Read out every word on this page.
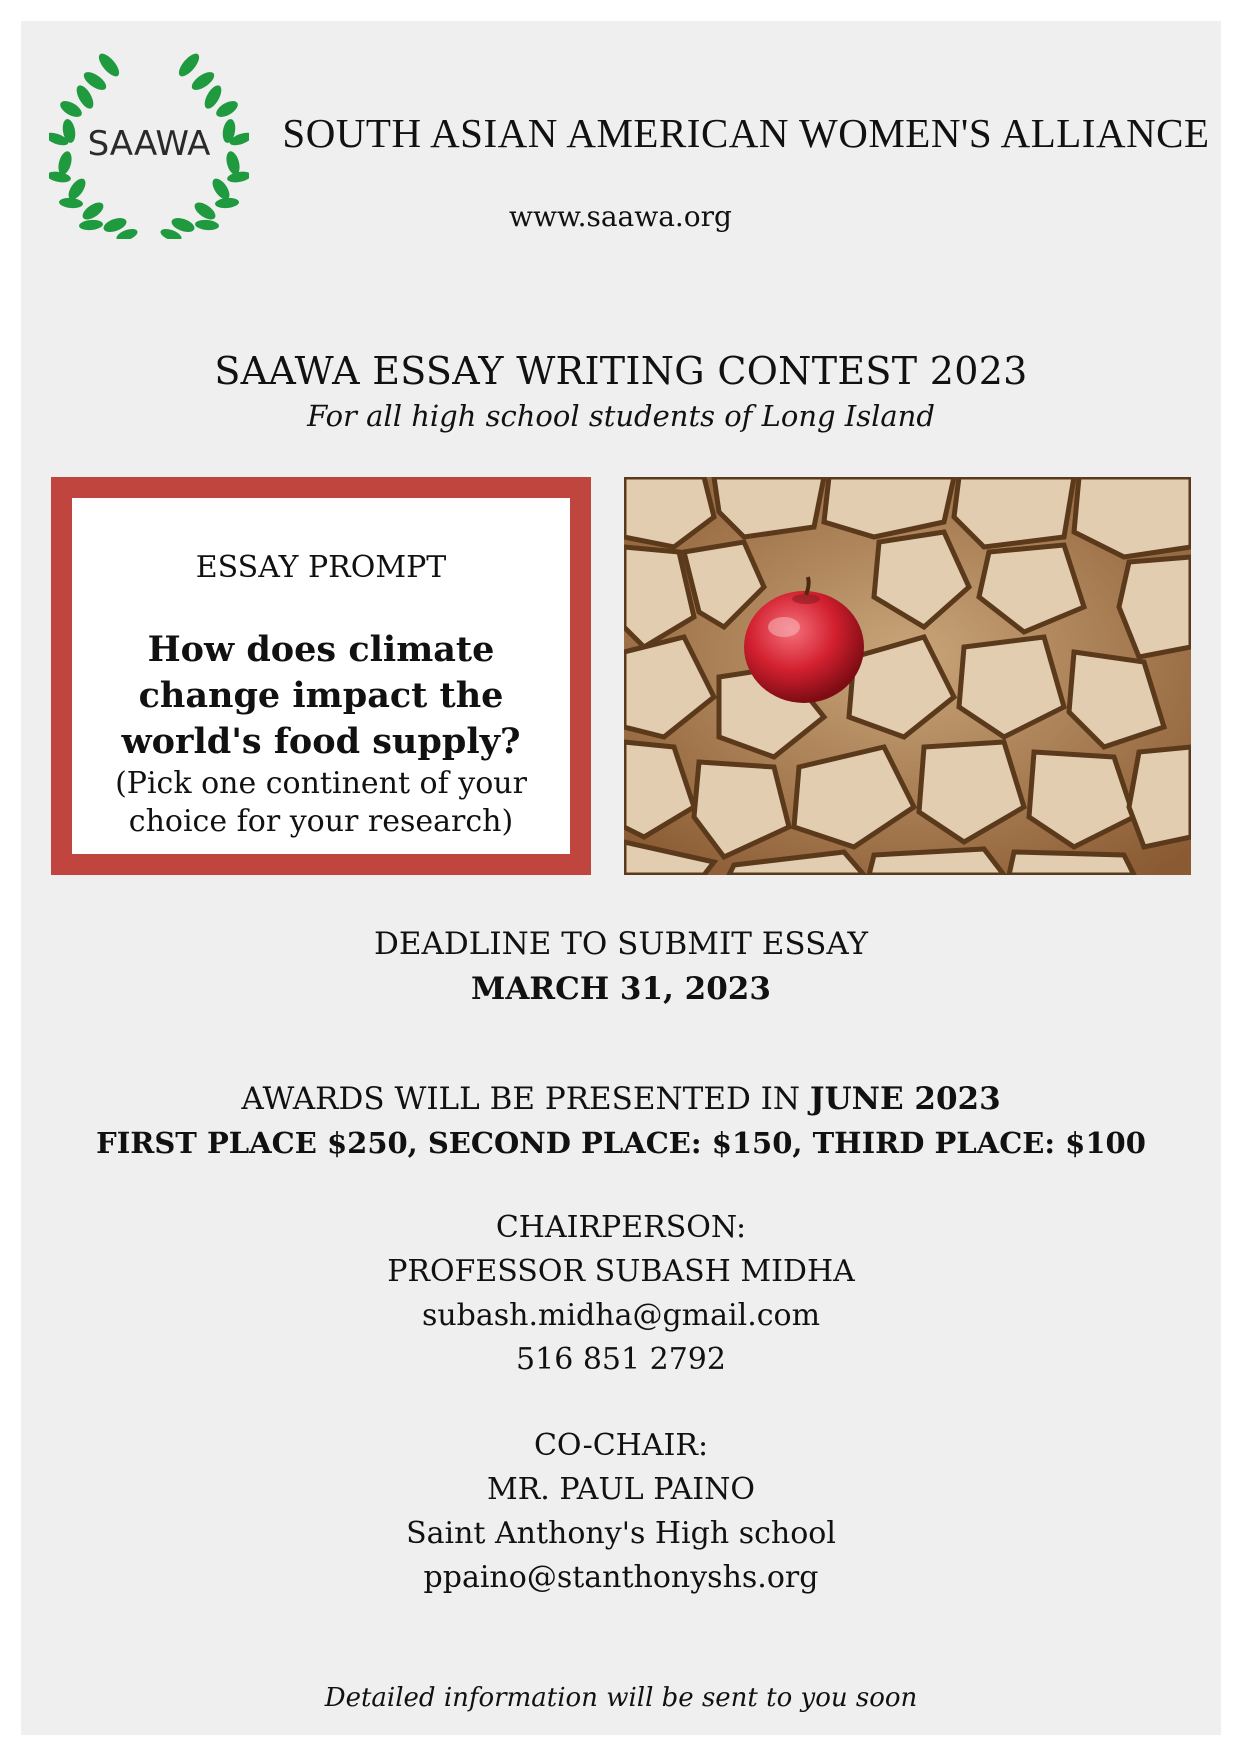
SAAWA SOUTH ASIAN AMERICAN WOMEN'S ALLIANCE
SAAWA ESSAY WRITING CONTEST 2023
For all high school students of Long Island
ESSAY PROMPT
How does climate change impact the world's food supply?
(Pick one continent of your choice for your research)
DEADLINE TO SUBMIT ESSAY
MARCH 31, 2023
AWARDS WILL BE PRESENTED IN JUNE 2023
FIRST PLACE $250, SECOND PLACE: $150, THIRD PLACE: $100
CHAIRPERSON:
PROFESSOR SUBASH MIDHA
subash.midha@gmail.com
516 851 2792
CO-CHAIR:
MR. PAUL PAINO
Saint Anthony's High school
ppaino@stanthonyshs.org
Detailed information will be sent to you soon
www.saawa.org
